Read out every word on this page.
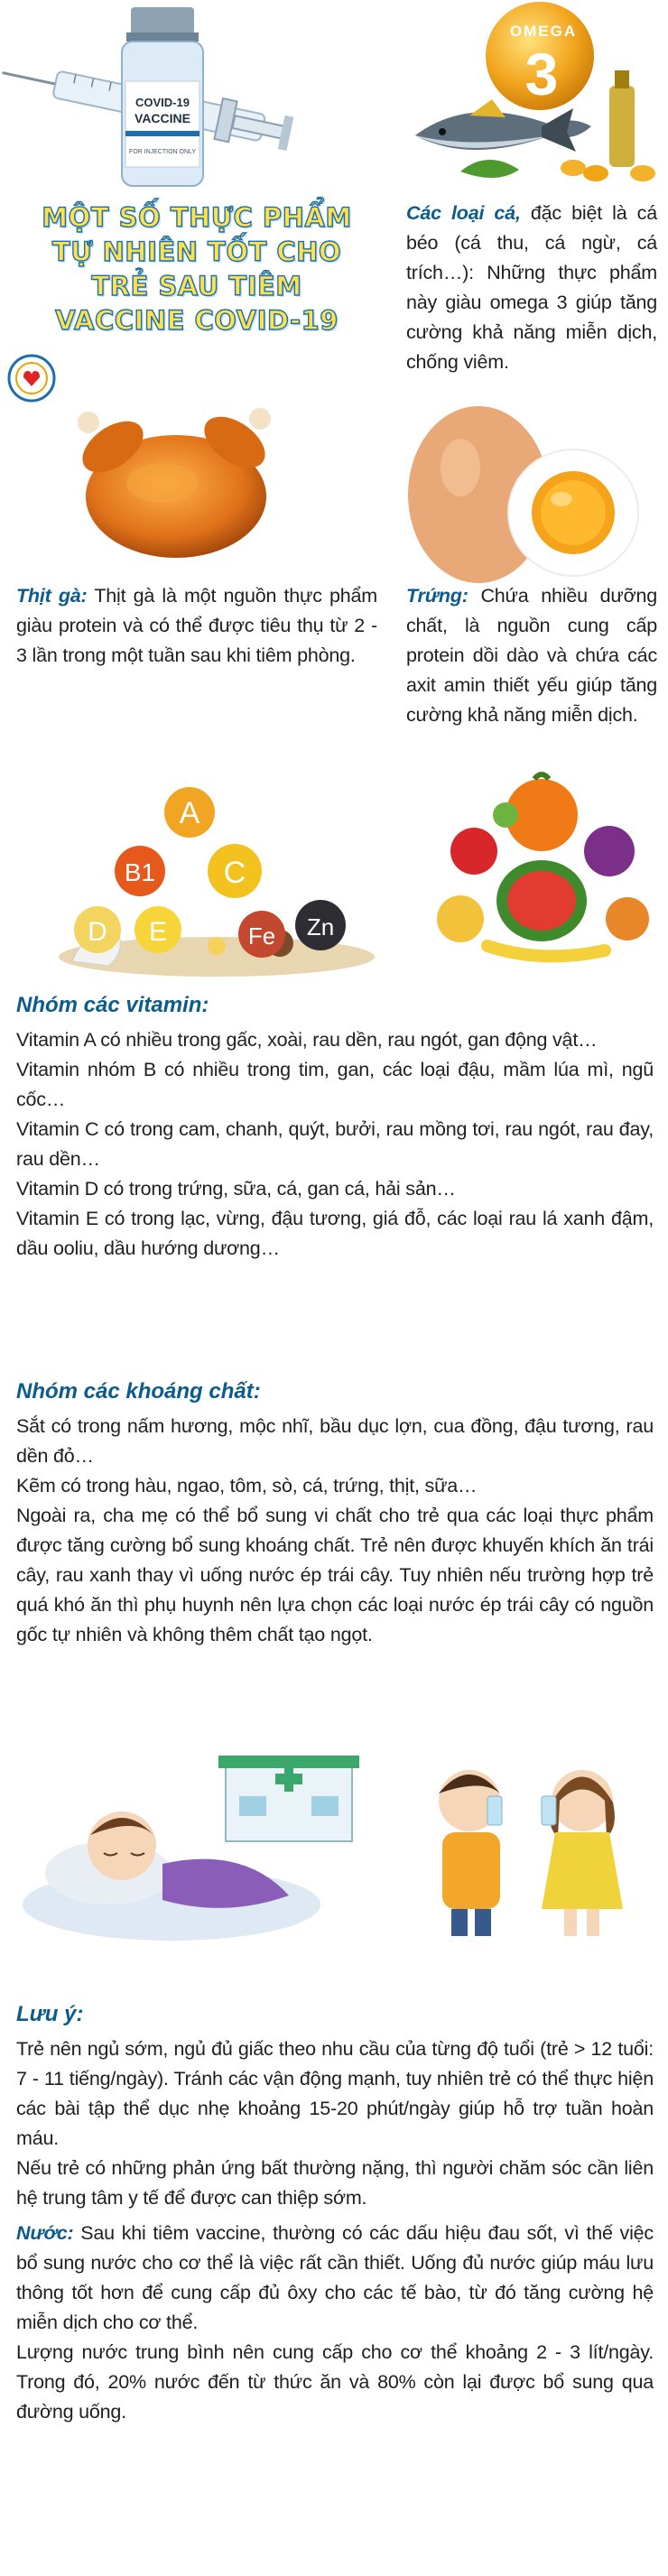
COVID-19
VACCINE
FOR INJECTION ONLY
OMEGA
3
MỘT SỐ THỰC PHẨM
TỰ NHIÊN TỐT CHO
TRẺ SAU TIÊM
VACCINE COVID-19

Các loại cá, đặc biệt là cá béo (cá thu, cá ngừ, cá trích…): Những thực phẩm này giàu omega 3 giúp tăng cường khả năng miễn dịch, chống viêm.

Thịt gà: Thịt gà là một nguồn thực phẩm giàu protein và có thể được tiêu thụ từ 2 - 3 lần trong một tuần sau khi tiêm phòng.

Trứng: Chứa nhiều dưỡng chất, là nguồn cung cấp protein dồi dào và chứa các axit amin thiết yếu giúp tăng cường khả năng miễn dịch.

A
B1 C
D E	Fe Zn
Nhóm các vitamin:

Vitamin A có nhiều trong gấc, xoài, rau dền, rau ngót, gan động vật…

Vitamin nhóm B có nhiều trong tim, gan, các loại đậu, mầm lúa mì, ngũ cốc…

Vitamin C có trong cam, chanh, quýt, bưởi, rau mồng tơi, rau ngót, rau đay, rau dền…

Vitamin D có trong trứng, sữa, cá, gan cá, hải sản…

Vitamin E có trong lạc, vừng, đậu tương, giá đỗ, các loại rau lá xanh đậm, dầu ooliu, dầu hướng dương…

Nhóm các khoáng chất:

Sắt có trong nấm hương, mộc nhĩ, bầu dục lợn, cua đồng, đậu tương, rau dền đỏ…

Kẽm có trong hàu, ngao, tôm, sò, cá, trứng, thịt, sữa…

Ngoài ra, cha mẹ có thể bổ sung vi chất cho trẻ qua các loại thực phẩm được tăng cường bổ sung khoáng chất. Trẻ nên được khuyến khích ăn trái cây, rau xanh thay vì uống nước ép trái cây. Tuy nhiên nếu trường hợp trẻ quá khó ăn thì phụ huynh nên lựa chọn các loại nước ép trái cây có nguồn gốc tự nhiên và không thêm chất tạo ngọt.

Lưu ý:

Trẻ nên ngủ sớm, ngủ đủ giấc theo nhu cầu của từng độ tuổi (trẻ > 12 tuổi: 7 - 11 tiếng/ngày). Tránh các vận động mạnh, tuy nhiên trẻ có thể thực hiện các bài tập thể dục nhẹ khoảng 15-20 phút/ngày giúp hỗ trợ tuần hoàn máu.

Nếu trẻ có những phản ứng bất thường nặng, thì người chăm sóc cần liên hệ trung tâm y tế để được can thiệp sớm.

Nước: Sau khi tiêm vaccine, thường có các dấu hiệu đau sốt, vì thế việc bổ sung nước cho cơ thể là việc rất cần thiết. Uống đủ nước giúp máu lưu thông tốt hơn để cung cấp đủ ôxy cho các tế bào, từ đó tăng cường hệ miễn dịch cho cơ thể.

Lượng nước trung bình nên cung cấp cho cơ thể khoảng 2 - 3 lít/ngày. Trong đó, 20% nước đến từ thức ăn và 80% còn lại được bổ sung qua đường uống.
